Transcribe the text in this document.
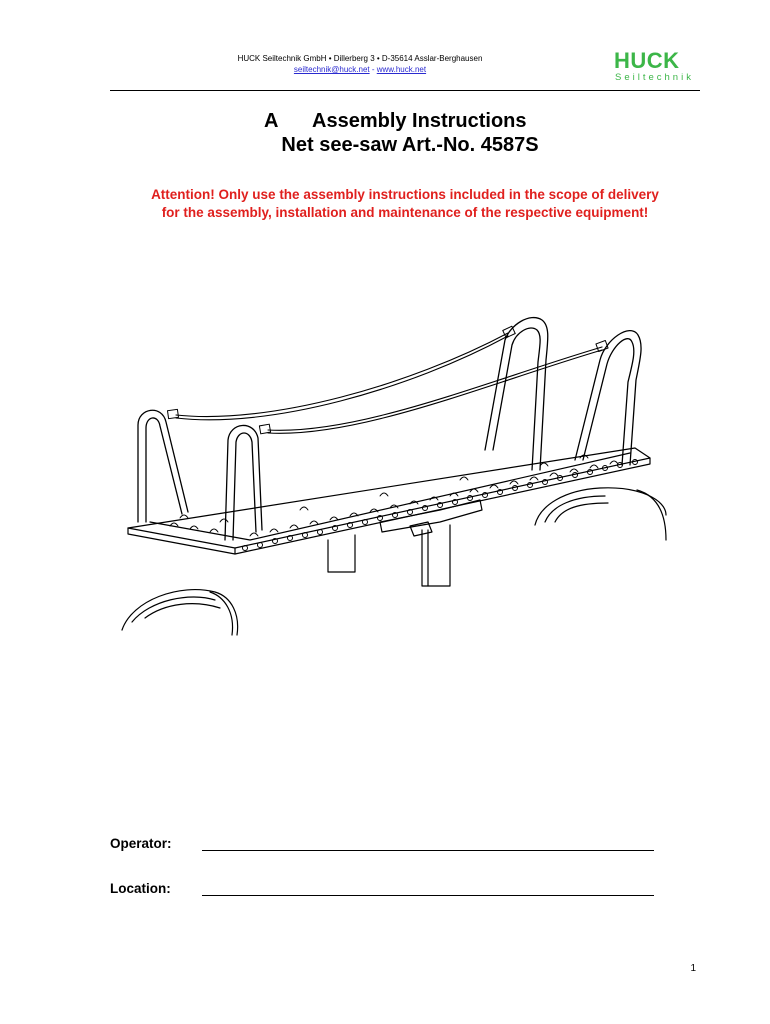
HUCK Seiltechnik GmbH • Dillerberg 3 • D-35614 Asslar-Berghausen
seiltechnik@huck.net - www.huck.net	HUCK
Seiltechnik
A Assembly Instructions
Net see-saw Art.-No. 4587S
Attention! Only use the assembly instructions included in the scope of delivery
for the assembly, installation and maintenance of the respective equipment!
Operator:
Location:
1
